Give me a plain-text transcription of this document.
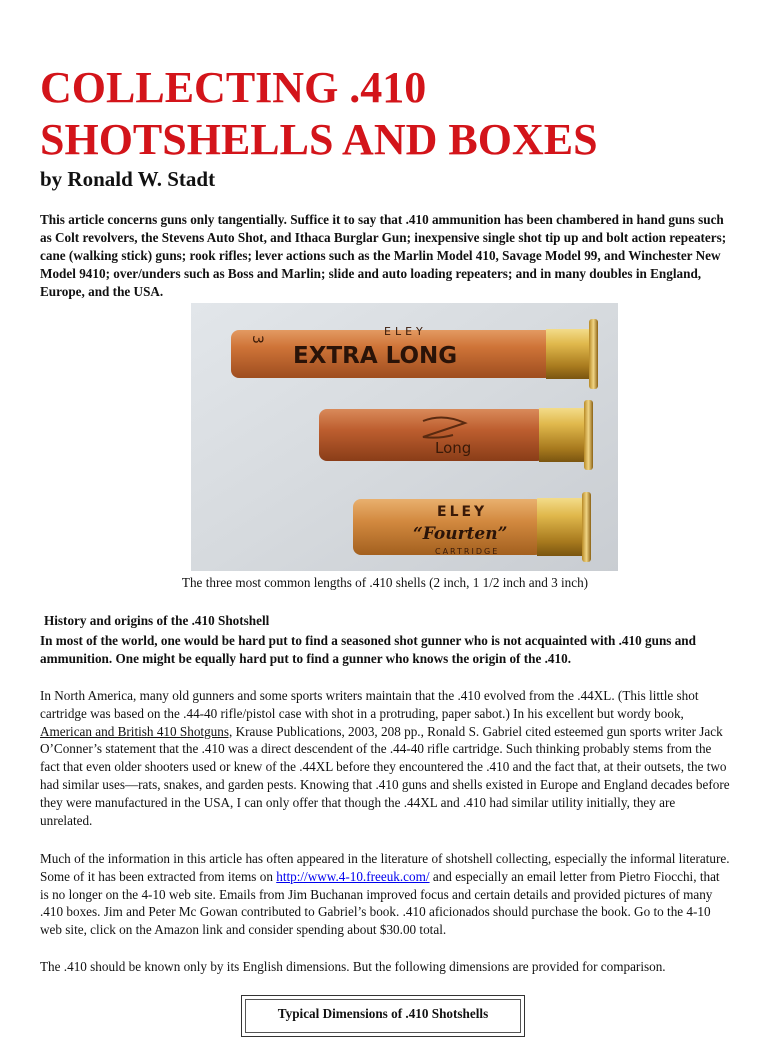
COLLECTING .410
SHOTSHELLS AND BOXES
by Ronald W. Stadt

This article concerns guns only tangentially. Suffice it to say that .410 ammunition has been chambered in hand guns such as Colt revolvers, the Stevens Auto Shot, and Ithaca Burglar Gun; inexpensive single shot tip up and bolt action repeaters; cane (walking stick) guns; rook rifles; lever actions such as the Marlin Model 410, Savage Model 99, and Winchester New Model 9410; over/unders such as Boss and Marlin; slide and auto loading repeaters; and in many doubles in England, Europe, and the USA.

EXTRA LONG
ELEY
3
Long
ELEY
“Fourten”
CARTRIDGE
The three most common lengths of .410 shells (2 inch, 1 1/2 inch and 3 inch)
History and origins of the .410 Shotshell

In most of the world, one would be hard put to find a seasoned shot gunner who is not acquainted with .410 guns and ammunition. One might be equally hard put to find a gunner who knows the origin of the .410.

In North America, many old gunners and some sports writers maintain that the .410 evolved from the .44XL. (This little shot cartridge was based on the .44-40 rifle/pistol case with shot in a protruding, paper sabot.) In his excellent but wordy book, American and British 410 Shotguns, Krause Publications, 2003, 208 pp., Ronald S. Gabriel cited esteemed gun sports writer Jack O’Conner’s statement that the .410 was a direct descendent of the .44-40 rifle cartridge. Such thinking probably stems from the fact that even older shooters used or knew of the .44XL before they encountered the .410 and the fact that, at their outsets, the two had similar uses—rats, snakes, and garden pests. Knowing that .410 guns and shells existed in Europe and England decades before they were manufactured in the USA, I can only offer that though the .44XL and .410 had similar utility initially, they are unrelated.

Much of the information in this article has often appeared in the literature of shotshell collecting, especially the informal literature. Some of it has been extracted from items on http://www.4-10.freeuk.com/ and especially an email letter from Pietro Fiocchi, that is no longer on the 4-10 web site. Emails from Jim Buchanan improved focus and certain details and provided pictures of many .410 boxes. Jim and Peter Mc Gowan contributed to Gabriel’s book. .410 aficionados should purchase the book. Go to the 4-10 web site, click on the Amazon link and consider spending about $30.00 total.

The .410 should be known only by its English dimensions. But the following dimensions are provided for comparison.

Typical Dimensions of .410 Shotshells
